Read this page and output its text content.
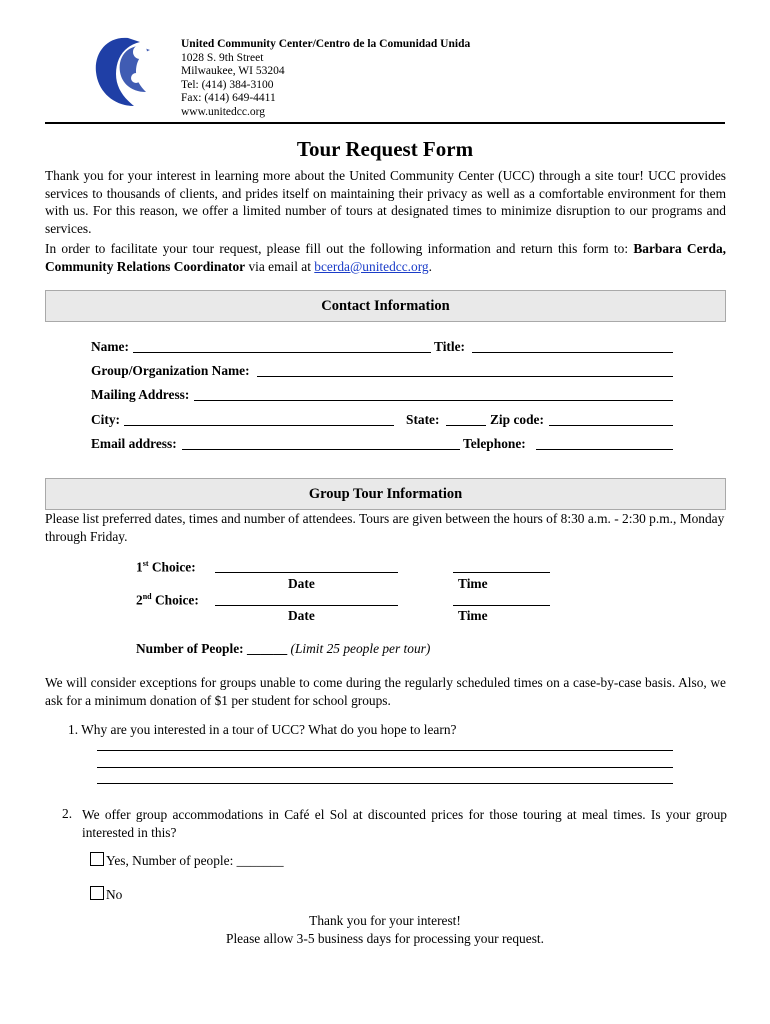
United Community Center/Centro de la Comunidad Unida
1028 S. 9th Street
Milwaukee, WI 53204
Tel: (414) 384-3100
Fax: (414) 649-4411
www.unitedcc.org
Tour Request Form
Thank you for your interest in learning more about the United Community Center (UCC) through a site tour! UCC provides services to thousands of clients, and prides itself on maintaining their privacy as well as a comfortable environment for them with us. For this reason, we offer a limited number of tours at designated times to minimize disruption to our programs and services.
In order to facilitate your tour request, please fill out the following information and return this form to: Barbara Cerda, Community Relations Coordinator via email at bcerda@unitedcc.org.
Contact Information
Name:	Title:
Group/Organization Name:
Mailing Address:
City:	State:	Zip code:
Email address:	Telephone:
Group Tour Information
Please list preferred dates, times and number of attendees. Tours are given between the hours of 8:30 a.m. - 2:30 p.m., Monday through Friday.
1st Choice:
Date	Time
2nd Choice:
Date	Time
Number of People: ______ (Limit 25 people per tour)
We will consider exceptions for groups unable to come during the regularly scheduled times on a case-by-case basis. Also, we ask for a minimum donation of $1 per student for school groups.
1. Why are you interested in a tour of UCC? What do you hope to learn?
2. We offer group accommodations in Café el Sol at discounted prices for those touring at meal times. Is your group interested in this?
Yes, Number of people: _______
No
Thank you for your interest!
Please allow 3-5 business days for processing your request.
